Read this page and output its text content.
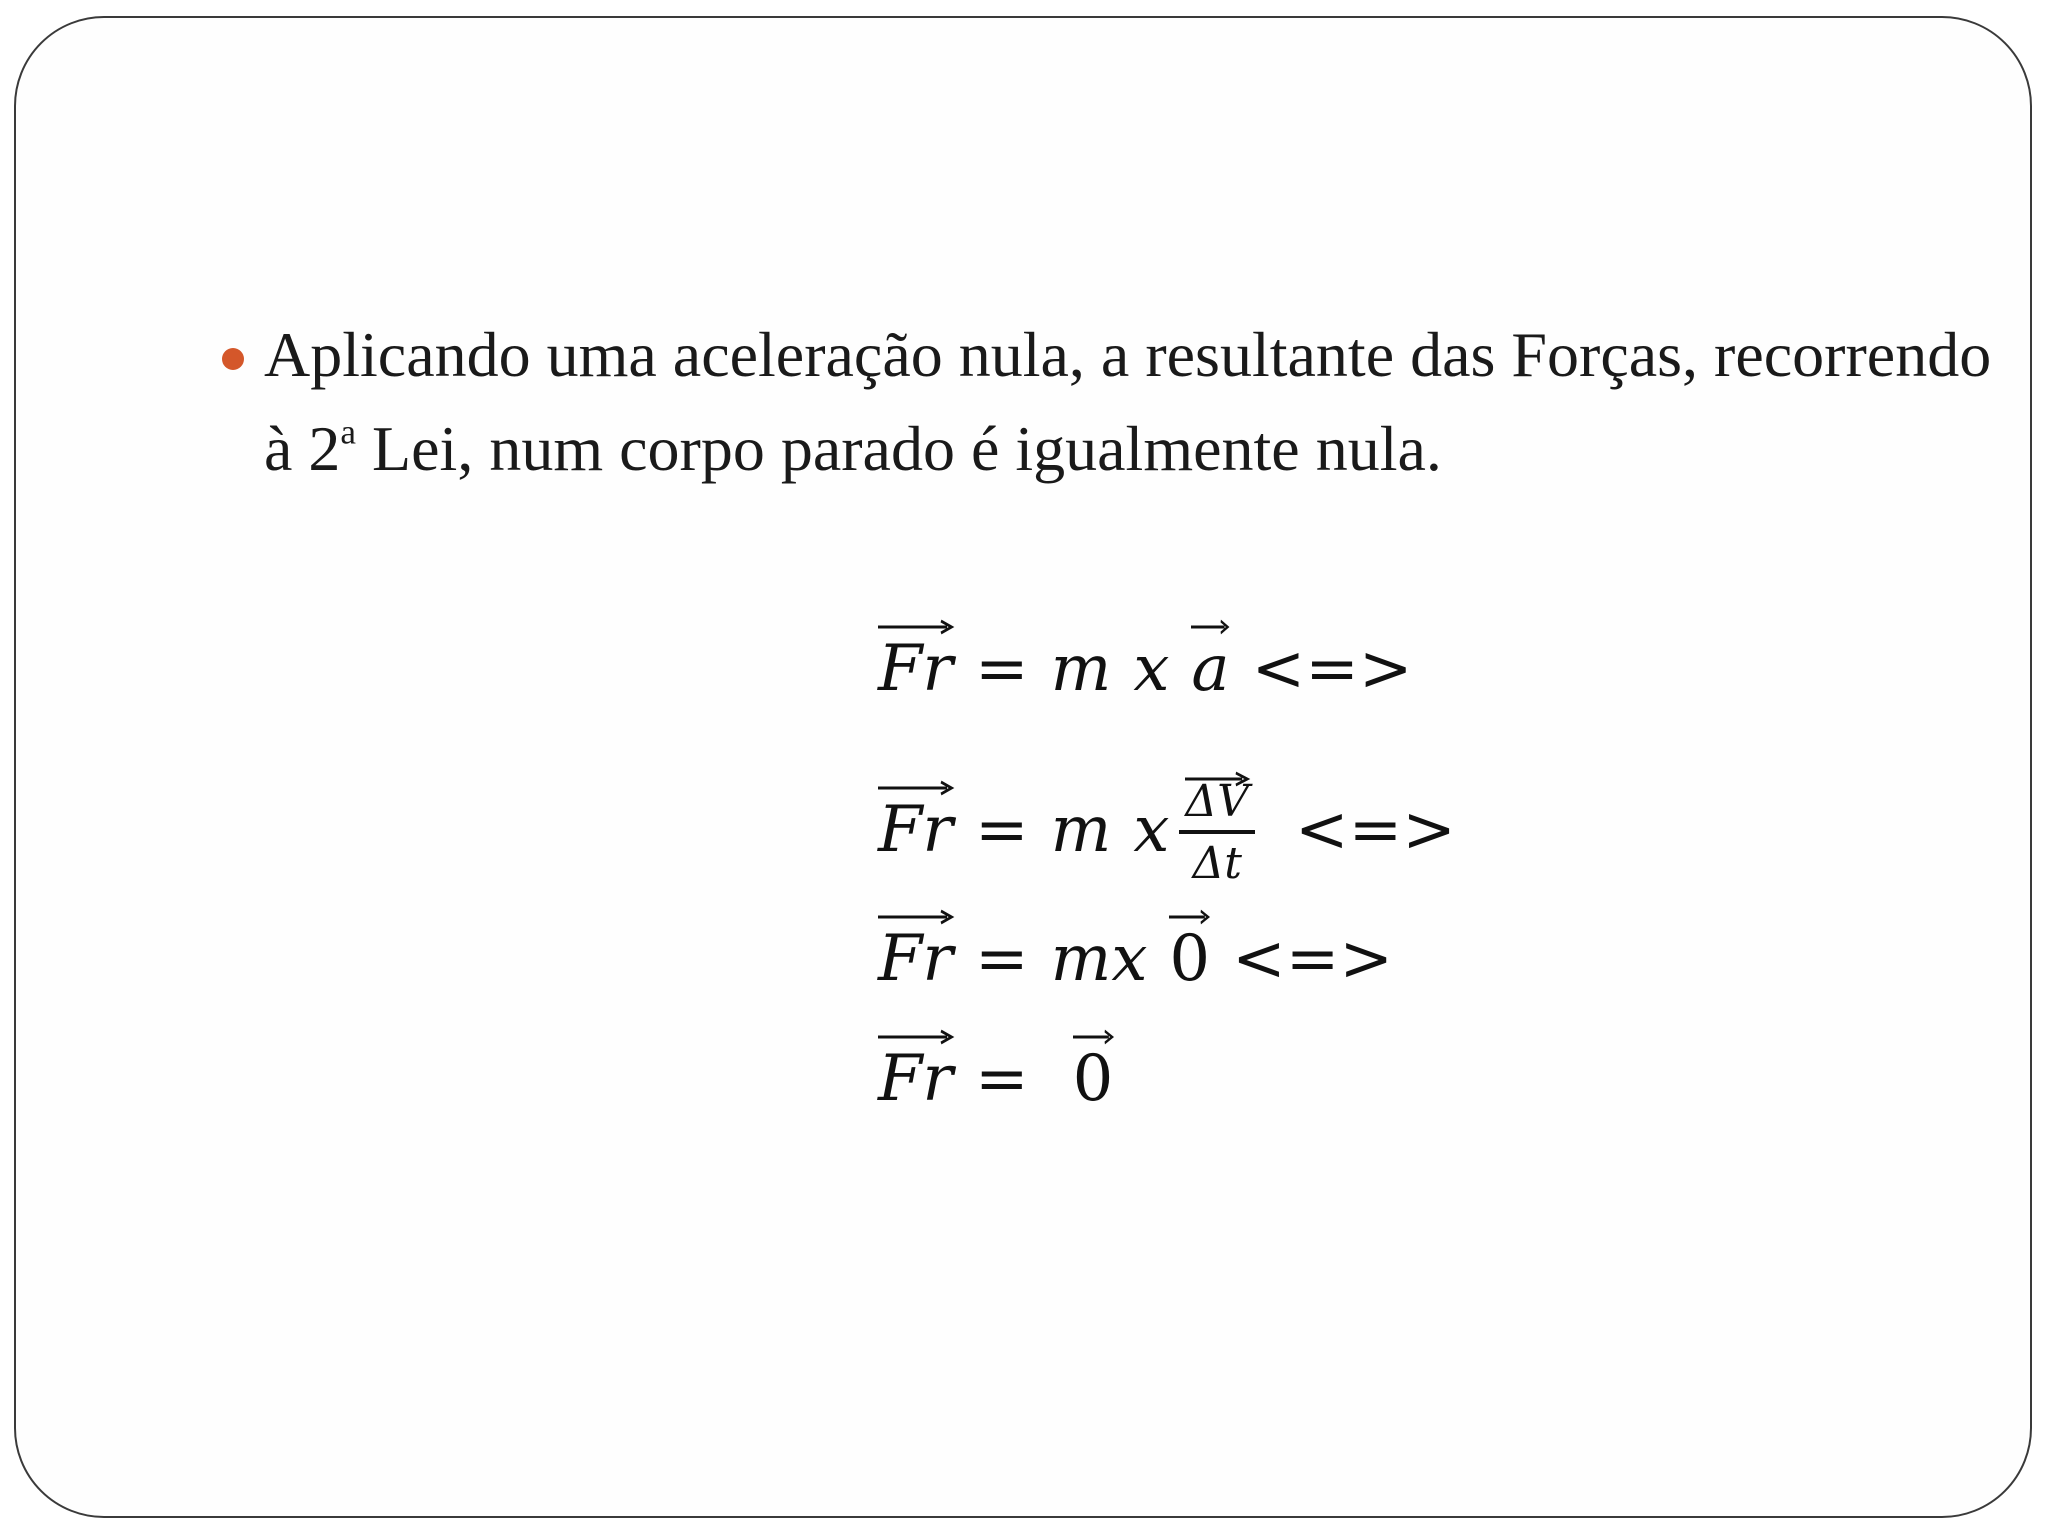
Aplicando uma aceleração nula, a resultante das Forças, recorrendo à 2$^a$ Lei, num corpo parado é igualmente nula.
Fr = m x a <=>
Fr = m x $\frac{\Delta V}{\Delta t}$ <=>
Fr = mx 0 <=>
Fr = 0
